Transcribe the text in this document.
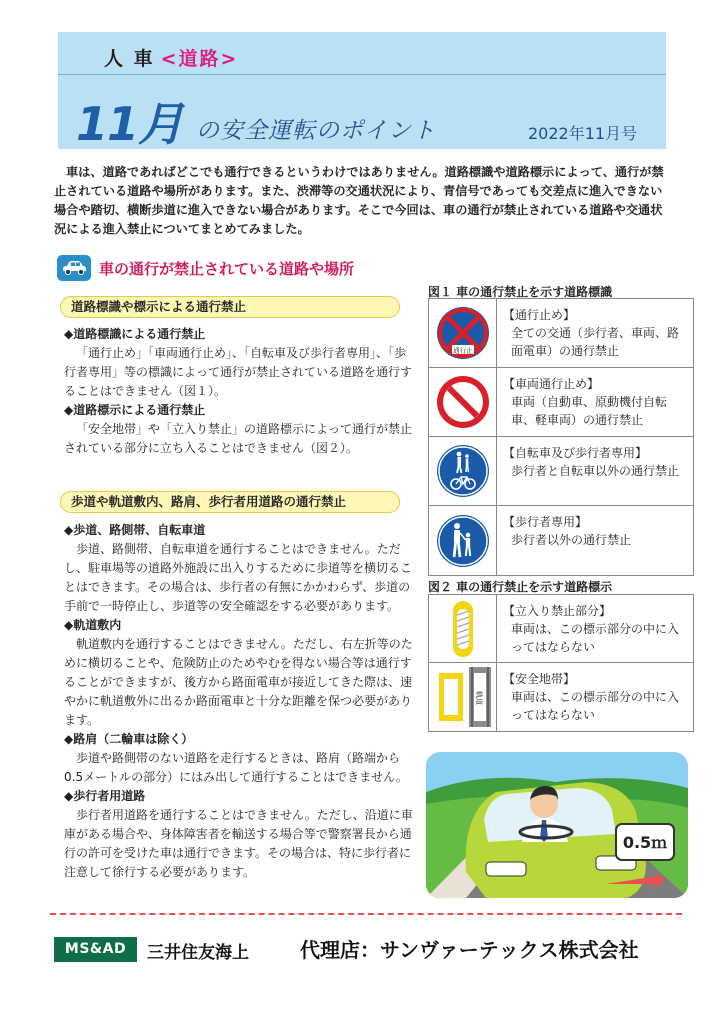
人 車 <道路>
11月 の安全運転のポイント	2022年11月号

車は、道路であればどこでも通行できるというわけではありません。道路標識や道路標示によって、通行が禁止されている道路や場所があります。また、渋滞等の交通状況により、青信号であっても交差点に進入できない場合や踏切、横断歩道に進入できない場合があります。そこで今回は、車の通行が禁止されている道路や交通状況による進入禁止についてまとめてみました。

車の通行が禁止されている道路や場所
道路標識や標示による通行禁止
◆道路標識による通行禁止
「通行止め」「車両通行止め」、「自転車及び歩行者専用」、「歩行者専用」等の標識によって通行が禁止されている道路を通行することはできません（図１）。
◆道路標示による通行禁止
「安全地帯」や「立入り禁止」の道路標示によって通行が禁止されている部分に立ち入ることはできません（図２）。
歩道や軌道敷内、路肩、歩行者用道路の通行禁止
◆歩道、路側帯、自転車道
歩道、路側帯、自転車道を通行することはできません。ただし、駐車場等の道路外施設に出入りするために歩道等を横切ることはできます。その場合は、歩行者の有無にかかわらず、歩道の手前で一時停止し、歩道等の安全確認をする必要があります。
◆軌道敷内
軌道敷内を通行することはできません。ただし、右左折等のために横切ることや、危険防止のためやむを得ない場合等は通行することができますが、後方から路面電車が接近してきた際は、速やかに軌道敷外に出るか路面電車と十分な距離を保つ必要があります。
◆路肩（二輪車は除く）
歩道や路側帯のない道路を走行するときは、路肩（路端から0.5メートルの部分）にはみ出して通行することはできません。
◆歩行者用道路
歩行者用道路を通行することはできません。ただし、沿道に車庫がある場合や、身体障害者を輸送する場合等で警察署長から通行の許可を受けた車は通行できます。その場合は、特に歩行者に注意して徐行する必要があります。
図１ 車の通行禁止を示す道路標識
通行止
【通行止め】
全ての交通（歩行者、車両、路面電車）の通行禁止
【車両通行止め】
車両（自動車、原動機付自転車、軽車両）の通行禁止
【自転車及び歩行者専用】
歩行者と自転車以外の通行禁止
【歩行者専用】
歩行者以外の通行禁止
図２ 車の通行禁止を示す道路標示
【立入り禁止部分】
車両は、この標示部分の中に入ってはならない
軌道
【安全地帯】
車両は、この標示部分の中に入ってはならない
0.5ｍ
MS&AD	三井住友海上	代理店：サンヴァーテックス株式会社
